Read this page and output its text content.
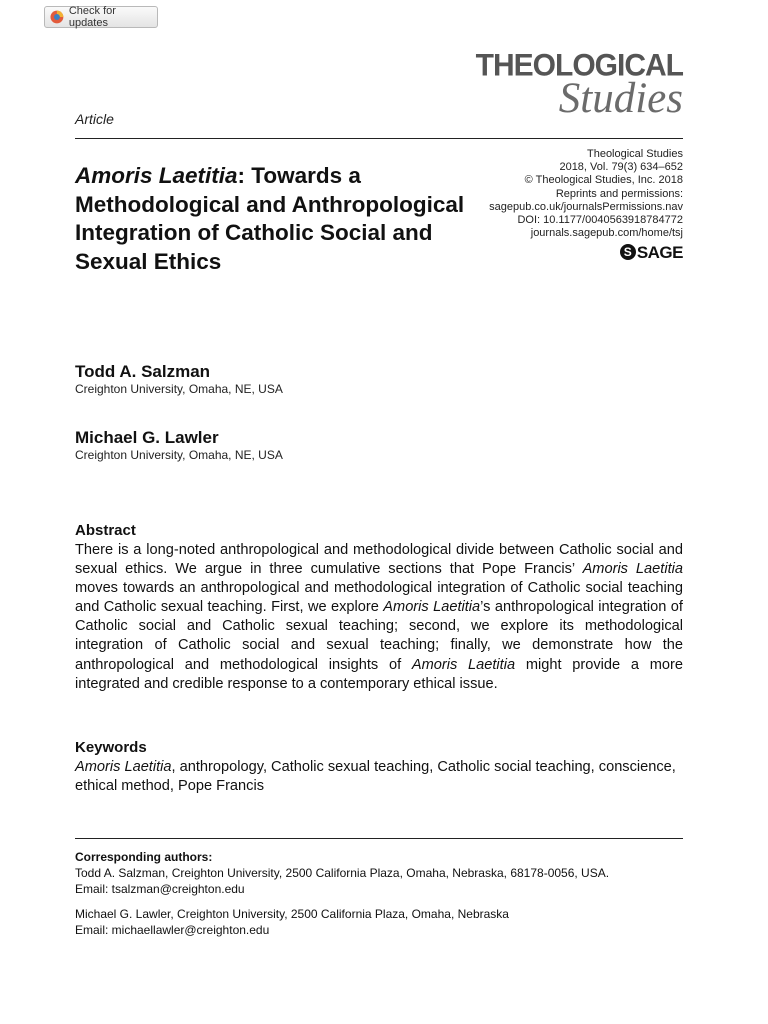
Check for updates
THEOLOGICAL
Studies
Article
Amoris Laetitia: Towards a Methodological and Anthropological Integration of Catholic Social and Sexual Ethics
Theological Studies
2018, Vol. 79(3) 634–652
© Theological Studies, Inc. 2018
Reprints and permissions:
sagepub.co.uk/journalsPermissions.nav
DOI: 10.1177/0040563918784772
journals.sagepub.com/home/tsj
S SAGE
Todd A. Salzman
Creighton University, Omaha, NE, USA
Michael G. Lawler
Creighton University, Omaha, NE, USA
Abstract

There is a long-noted anthropological and methodological divide between Catholic social and sexual ethics. We argue in three cumulative sections that Pope Francis’ Amoris Laetitia moves towards an anthropological and methodological integration of Catholic social teaching and Catholic sexual teaching. First, we explore Amoris Laetitia’s anthropological integration of Catholic social and Catholic sexual teaching; second, we explore its methodological integration of Catholic social and sexual teaching; finally, we demonstrate how the anthropological and methodological insights of Amoris Laetitia might provide a more integrated and credible response to a contemporary ethical issue.

Keywords

Amoris Laetitia, anthropology, Catholic sexual teaching, Catholic social teaching, conscience, ethical method, Pope Francis

Corresponding authors:
Todd A. Salzman, Creighton University, 2500 California Plaza, Omaha, Nebraska, 68178-0056, USA.
Email: tsalzman@creighton.edu
Michael G. Lawler, Creighton University, 2500 California Plaza, Omaha, Nebraska
Email: michaellawler@creighton.edu
